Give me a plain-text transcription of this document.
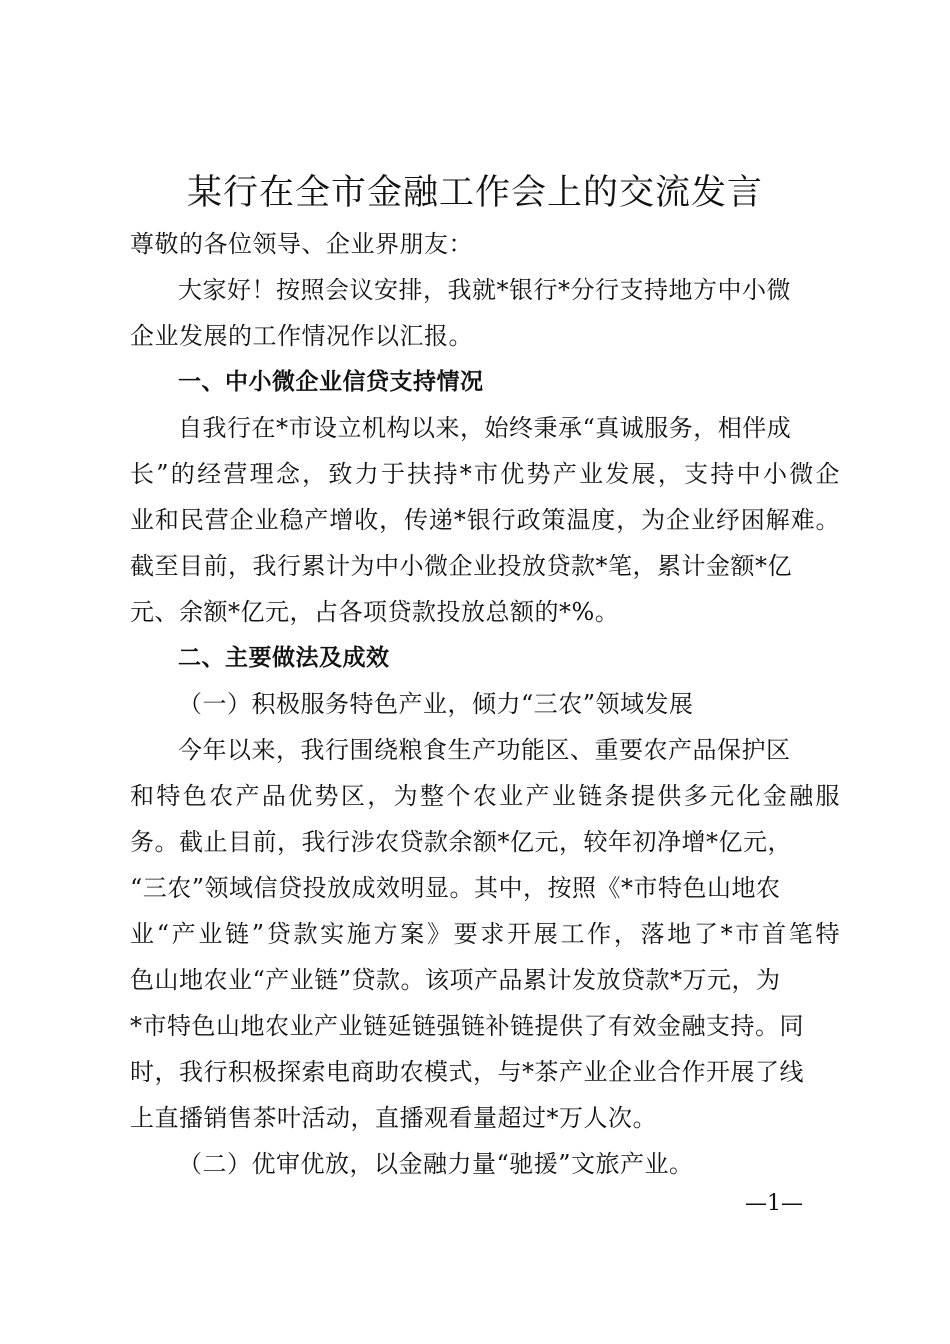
某行在全市金融工作会上的交流发言
尊敬的各位领导、企业界朋友：
大家好！按照会议安排，我就*银行*分行支持地方中小微
企业发展的工作情况作以汇报。
一、中小微企业信贷支持情况
自我行在*市设立机构以来，始终秉承“真诚服务，相伴成
长”的经营理念，致力于扶持*市优势产业发展，支持中小微企
业和民营企业稳产增收，传递*银行政策温度，为企业纾困解难。
截至目前，我行累计为中小微企业投放贷款*笔，累计金额*亿
元、余额*亿元，占各项贷款投放总额的*%。
二、主要做法及成效
（一）积极服务特色产业，倾力“三农”领域发展
今年以来，我行围绕粮食生产功能区、重要农产品保护区
和特色农产品优势区，为整个农业产业链条提供多元化金融服
务。截止目前，我行涉农贷款余额*亿元，较年初净增*亿元，
“三农”领域信贷投放成效明显。其中，按照《*市特色山地农
业“产业链”贷款实施方案》要求开展工作，落地了*市首笔特
色山地农业“产业链”贷款。该项产品累计发放贷款*万元，为
*市特色山地农业产业链延链强链补链提供了有效金融支持。同
时，我行积极探索电商助农模式，与*茶产业企业合作开展了线
上直播销售茶叶活动，直播观看量超过*万人次。
（二）优审优放，以金融力量“驰援”文旅产业。
—1—
